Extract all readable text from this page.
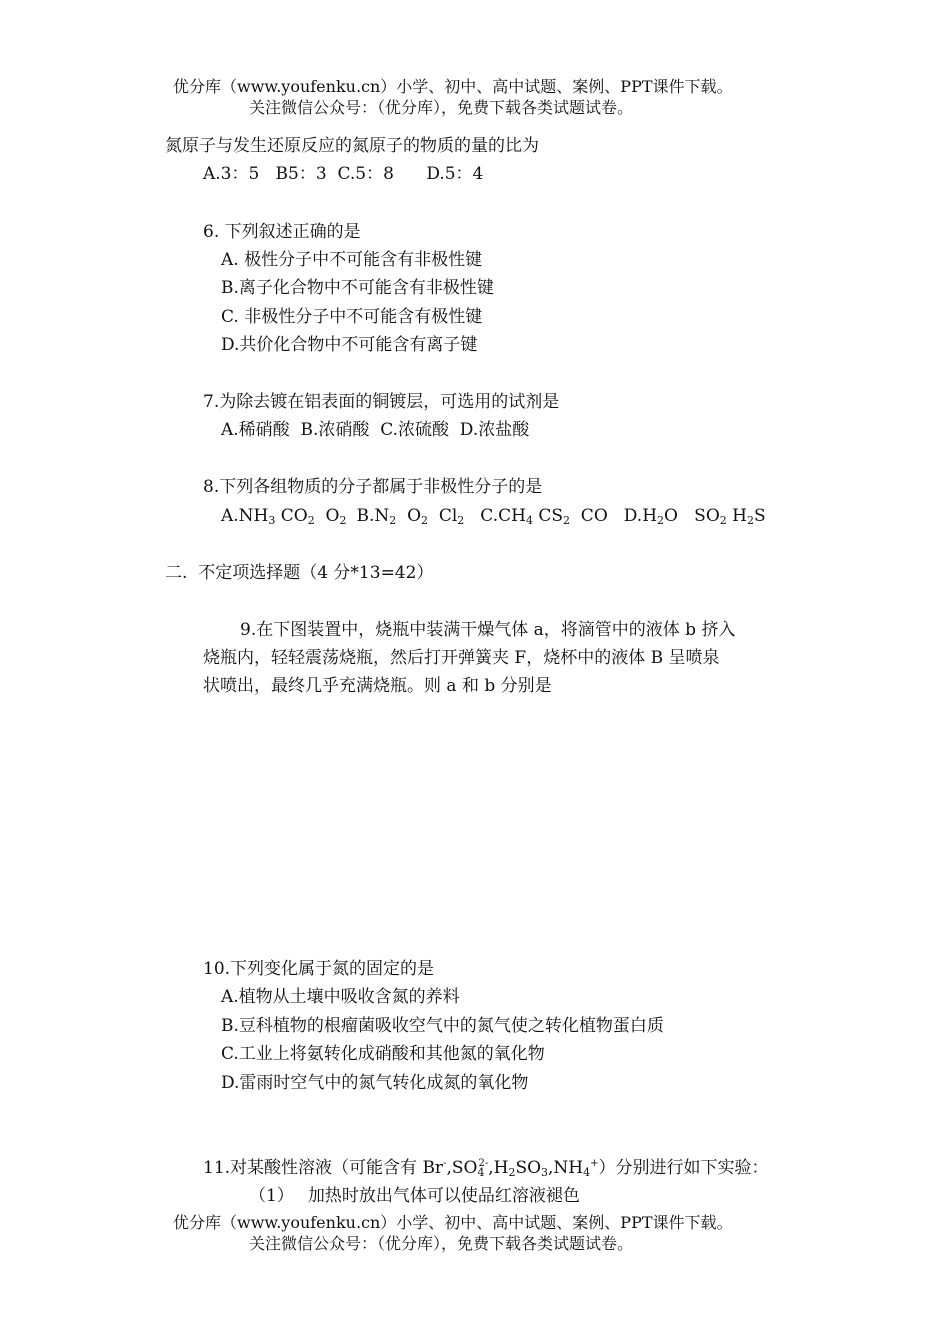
优分库（www.youfenku.cn）小学、初中、高中试题、案例、PPT课件下载。
关注微信公众号：（优分库），免费下载各类试题试卷。
氮原子与发生还原反应的氮原子的物质的量的比为
A.3：5   B5：3  C.5：8      D.5：4
6. 下列叙述正确的是
A. 极性分子中不可能含有非极性键
B.离子化合物中不可能含有非极性键
C. 非极性分子中不可能含有极性键
D.共价化合物中不可能含有离子键
7.为除去镀在铝表面的铜镀层，可选用的试剂是
A.稀硝酸  B.浓硝酸  C.浓硫酸  D.浓盐酸
8.下列各组物质的分子都属于非极性分子的是
$A.NH_3$ $CO_2$  $O_2$ $B.N_2$  $O_2$  $Cl_2$ $C.CH_4$ $CS_2$  CO $D.H_2O$   $SO_2$ $H_2S$
二.  不定项选择题（4 分*13=42）
9.在下图装置中，烧瓶中装满干燥气体 a，将滴管中的液体 b 挤入
烧瓶内，轻轻震荡烧瓶，然后打开弹簧夹 F，烧杯中的液体 B 呈喷泉
状喷出，最终几乎充满烧瓶。则 a 和 b 分别是
10.下列变化属于氮的固定的是
A.植物从土壤中吸收含氮的养料
B.豆科植物的根瘤菌吸收空气中的氮气使之转化植物蛋白质
C.工业上将氨转化成硝酸和其他氮的氧化物
D.雷雨时空气中的氮气转化成氮的氧化物
11.对某酸性溶液（可能含有 $Br^-,SO_4^{2-},H_2SO_3,NH_4^+$）分别进行如下实验：
（1） 加热时放出气体可以使品红溶液褪色
优分库（www.youfenku.cn）小学、初中、高中试题、案例、PPT课件下载。
关注微信公众号：（优分库），免费下载各类试题试卷。
